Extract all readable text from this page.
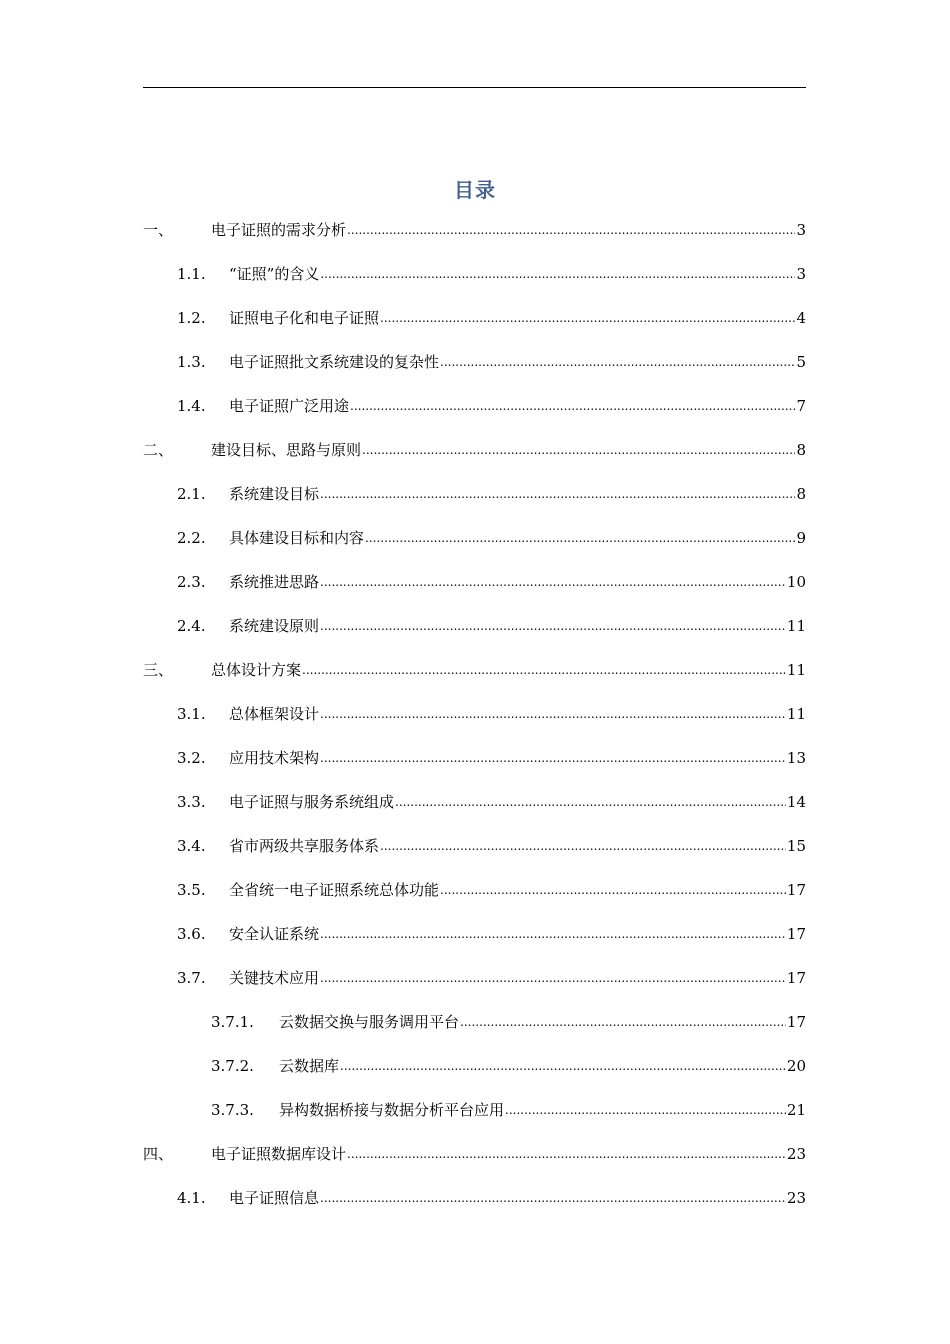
目录
一、	电子证照的需求分析 .....	3
1.1.	“证照”的含义 .....	3
1.2.	证照电子化和电子证照 .....	4
1.3.	电子证照批文系统建设的复杂性 .....	5
1.4.	电子证照广泛用途 .....	7
二、	建设目标、思路与原则 .....	8
2.1.	系统建设目标 .....	8
2.2.	具体建设目标和内容 .....	9
2.3.	系统推进思路 .....	10
2.4.	系统建设原则 .....	11
三、	总体设计方案 .....	11
3.1.	总体框架设计 .....	11
3.2.	应用技术架构 .....	13
3.3.	电子证照与服务系统组成 .....	14
3.4.	省市两级共享服务体系 .....	15
3.5.	全省统一电子证照系统总体功能 .....	17
3.6.	安全认证系统 .....	17
3.7.	关键技术应用 .....	17
3.7.1.	云数据交换与服务调用平台 .....	17
3.7.2.	云数据库 .....	20
3.7.3.	异构数据桥接与数据分析平台应用 .....	21
四、	电子证照数据库设计 .....	23
4.1.	电子证照信息 .....	23
